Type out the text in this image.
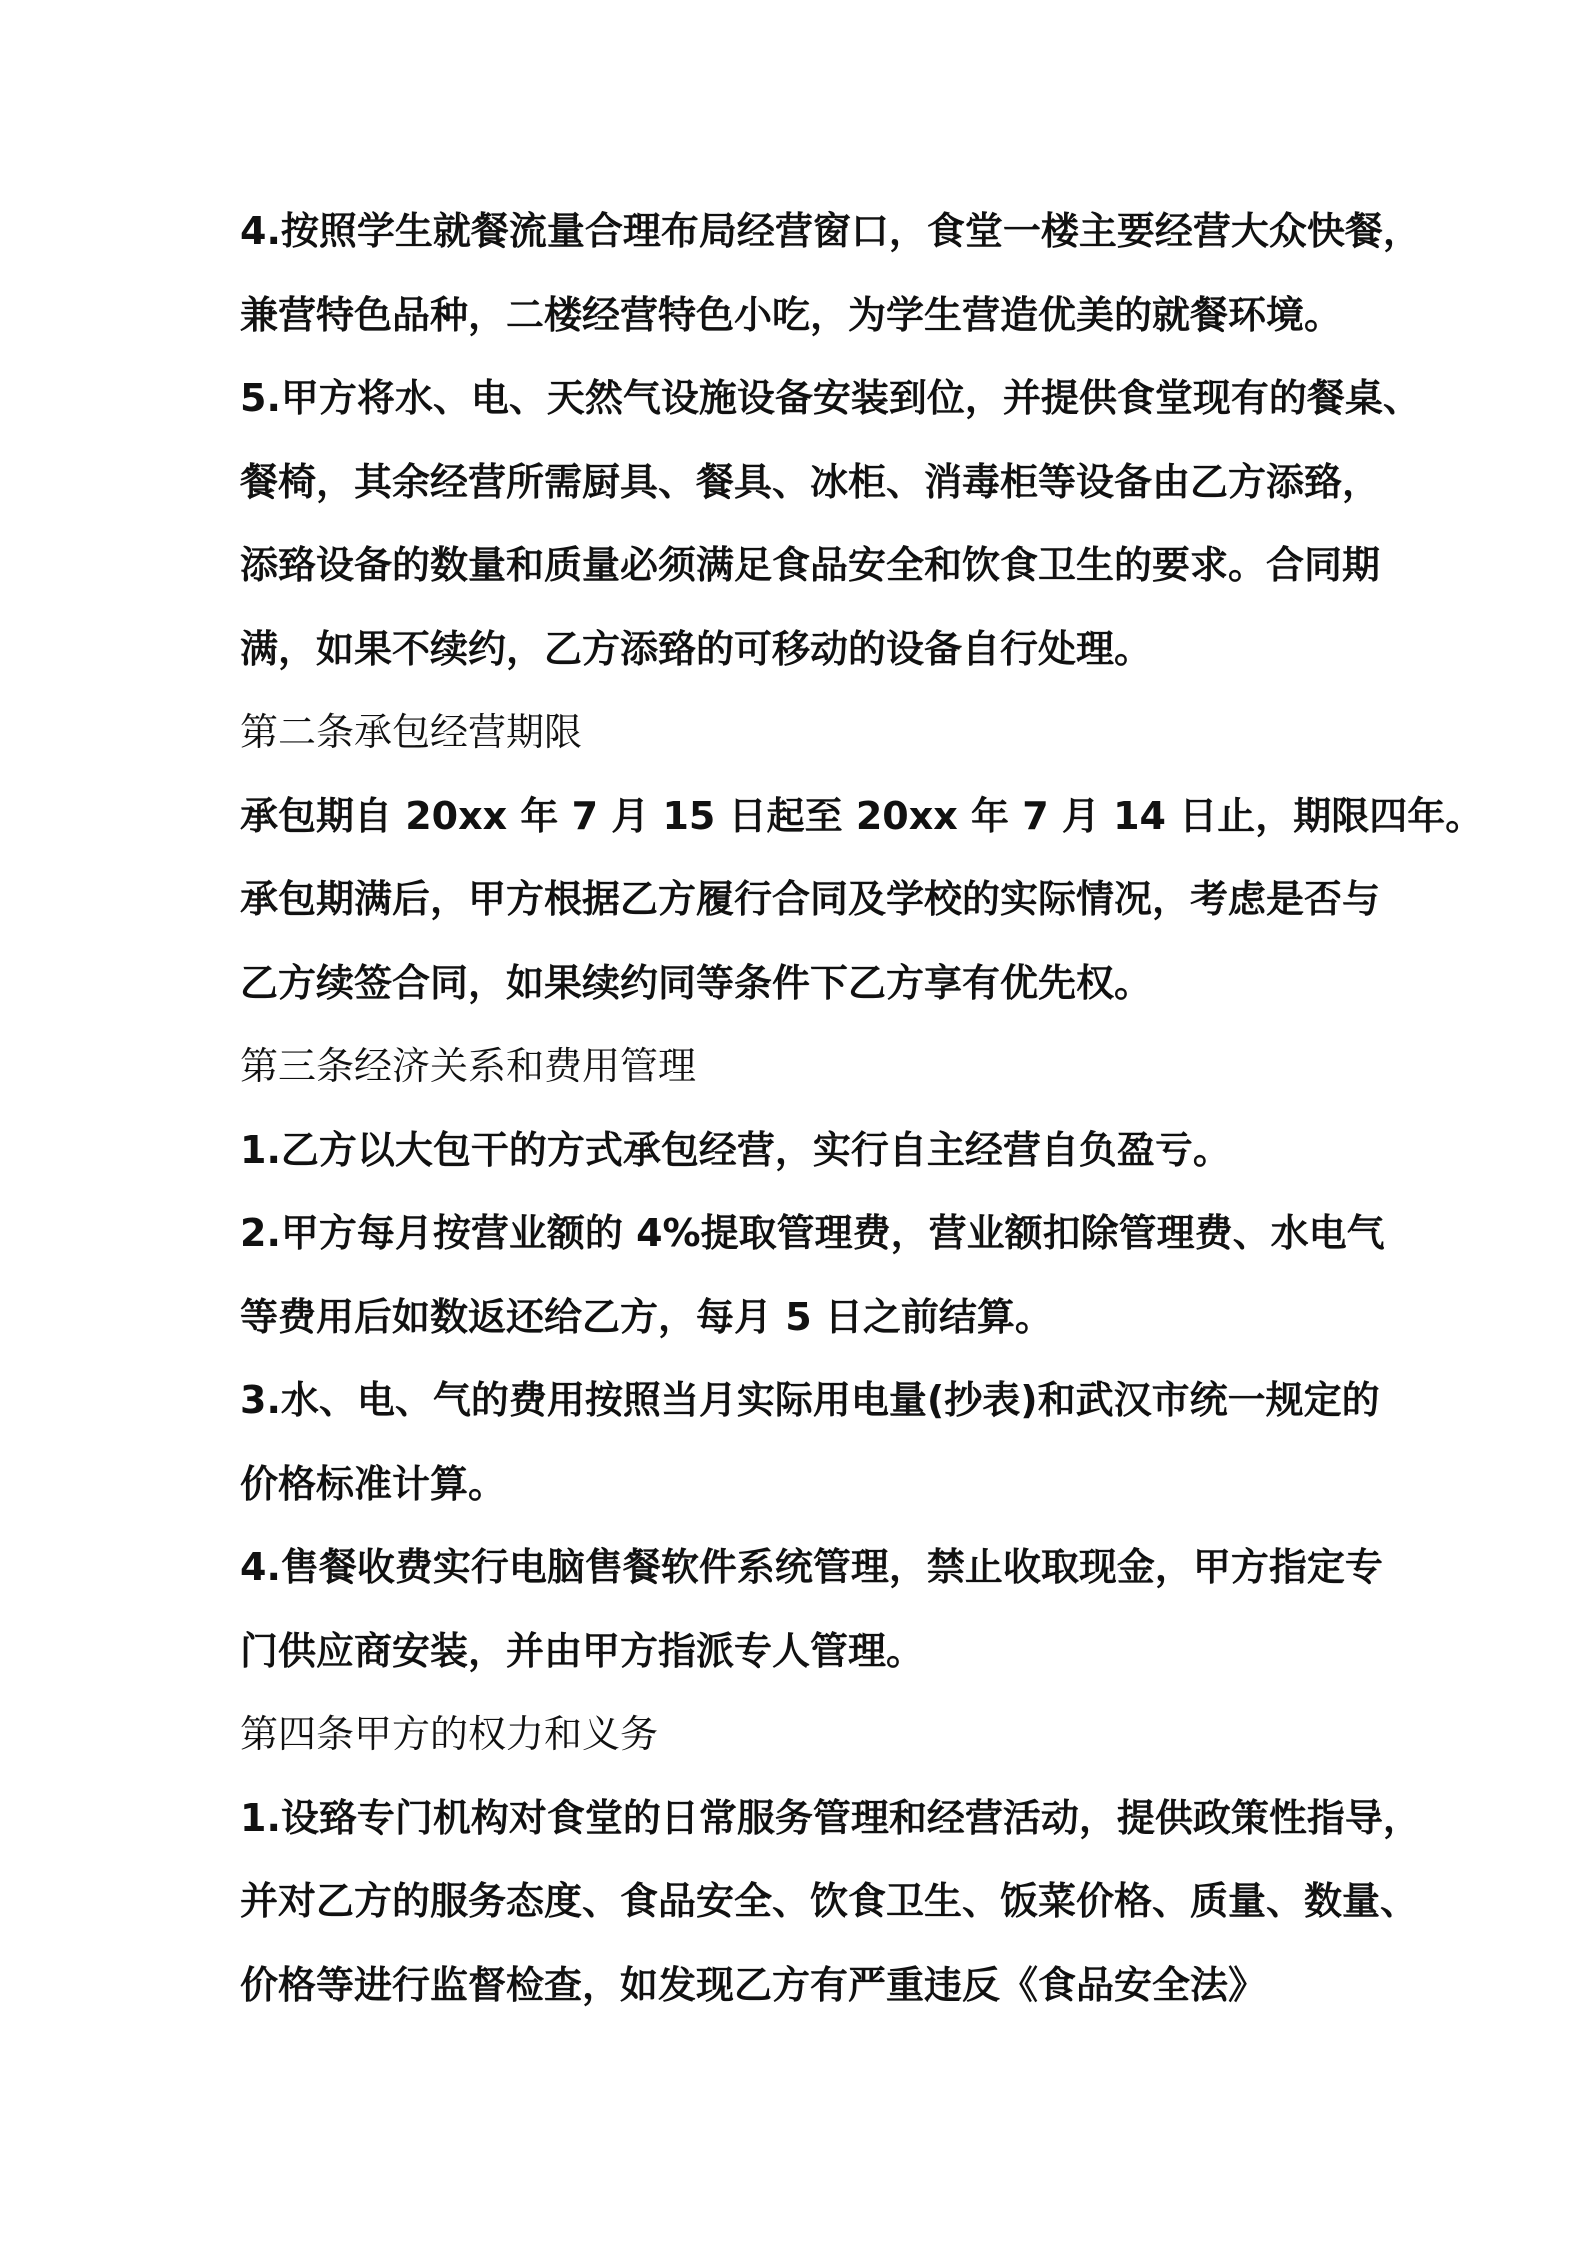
4.按照学生就餐流量合理布局经营窗口，食堂一楼主要经营大众快餐，
兼营特色品种，二楼经营特色小吃，为学生营造优美的就餐环境。
5.甲方将水、电、天然气设施设备安装到位，并提供食堂现有的餐桌、
餐椅，其余经营所需厨具、餐具、冰柜、消毒柜等设备由乙方添臵，
添臵设备的数量和质量必须满足食品安全和饮食卫生的要求。合同期
满，如果不续约，乙方添臵的可移动的设备自行处理。
第二条承包经营期限
承包期自 20xx 年 7 月 15 日起至 20xx 年 7 月 14 日止，期限四年。
承包期满后，甲方根据乙方履行合同及学校的实际情况，考虑是否与
乙方续签合同，如果续约同等条件下乙方享有优先权。
第三条经济关系和费用管理
1.乙方以大包干的方式承包经营，实行自主经营自负盈亏。
2.甲方每月按营业额的 4%提取管理费，营业额扣除管理费、水电气
等费用后如数返还给乙方，每月 5 日之前结算。
3.水、电、气的费用按照当月实际用电量(抄表)和武汉市统一规定的
价格标准计算。
4.售餐收费实行电脑售餐软件系统管理，禁止收取现金，甲方指定专
门供应商安装，并由甲方指派专人管理。
第四条甲方的权力和义务
1.设臵专门机构对食堂的日常服务管理和经营活动，提供政策性指导，
并对乙方的服务态度、食品安全、饮食卫生、饭菜价格、质量、数量、
价格等进行监督检查，如发现乙方有严重违反《食品安全法》
